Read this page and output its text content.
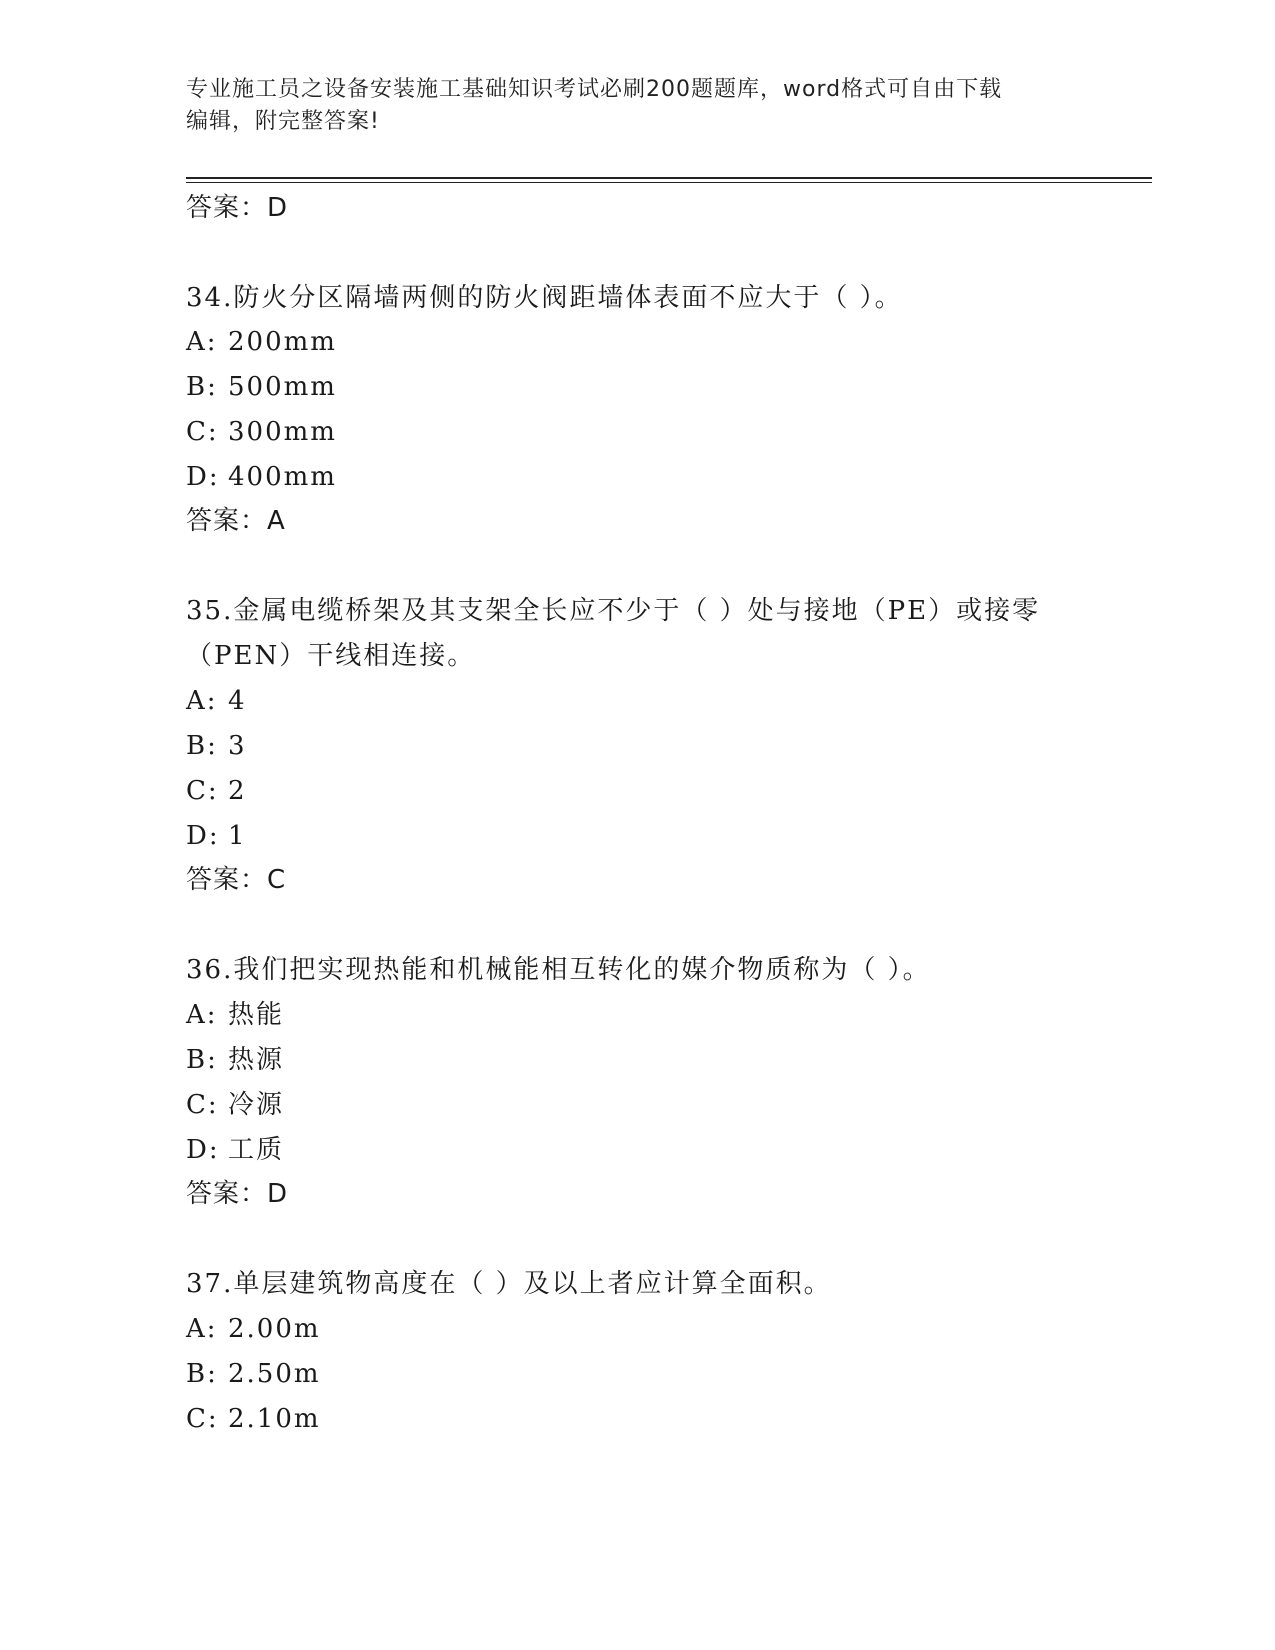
专业施工员之设备安装施工基础知识考试必刷200题题库，word格式可自由下载
编辑，附完整答案!
答案：D
34.防火分区隔墙两侧的防火阀距墙体表面不应大于（ ）。
A: 200mm
B: 500mm
C: 300mm
D: 400mm
答案：A
35.金属电缆桥架及其支架全长应不少于（ ）处与接地（PE）或接零
（PEN）干线相连接。
A: 4
B: 3
C: 2
D: 1
答案：C
36.我们把实现热能和机械能相互转化的媒介物质称为（ ）。
A: 热能
B: 热源
C: 冷源
D: 工质
答案：D
37.单层建筑物高度在（ ）及以上者应计算全面积。
A: 2.00m
B: 2.50m
C: 2.10m
